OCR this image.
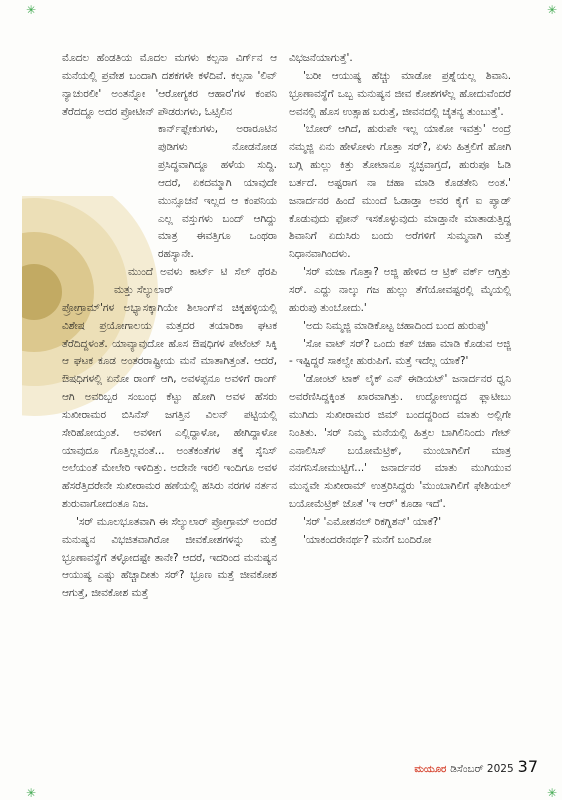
✳	✳
✳	✳

ಮೊದಲ ಹೆಂಡತಿಯ ಮೊದಲ ಮಗಳು ಕಲ್ಪನಾ ವಿರ್ಗ್‌ನ ಆ ಮನೆಯಲ್ಲಿ ಪ್ರವೇಶ ಬಂದಾಗಿ ದಶಕಗಳೇ ಕಳೆದಿವೆ. ಕಲ್ಪನಾ 'ಲಿವ್ ನ್ಯಾಚುರಲೀ' ಅಂತನ್ನೋ 'ಆರೋಗ್ಯಕರ ಆಹಾರ'ಗಳ ಕಂಪನಿ ತೆರೆದದ್ದೂ ಅದರ ಪ್ರೋಟೀನ್ ಪೌಡರುಗಳು, ಓಟ್ಸಿಲಿನ

ಕಾರ್ನ್‌ಫ್ಲೇಕುಗಳು, ಅರಾರೂಟಿನ ಪುಡಿಗಳು ನೋಡನೋಡ ಪ್ರಸಿದ್ಧವಾಗಿದ್ದೂ ಹಳೆಯ ಸುದ್ದಿ. ಆದರೆ, ಏಕದಮ್ಮಾಗಿ ಯಾವುದೇ ಮುನ್ಸೂಚನೆ ಇಲ್ಲದ ಆ ಕಂಪನಿಯ ಎಲ್ಲ ವಸ್ತುಗಳು ಬಂದ್ ಆಗಿದ್ದು ಮಾತ್ರ ಈವತ್ತಿಗೂ ಒಂಥರಾ ರಹಸ್ಯಾನೇ.

ಮುಂದೆ ಅವಳು ಕಾರ್ಟ್ ಟಿ ಸೆಲ್ ಥೆರಪಿ ಮತ್ತು ಸೆಲ್ಯುಲಾರ್

ಪ್ರೋಗ್ರಾಮ್'ಗಳ ಅಭ್ಯಾಸಕ್ಕಾಗಿಯೇ ಶಿಲಾಂಗ್‌ನ ಚಿಕ್ಕಹಳ್ಳಿಯಲ್ಲಿ ವಿಶೇಷ ಪ್ರಯೋಗಾಲಯ ಮತ್ತದರ ತಯಾರಿಕಾ ಘಟಕ ತೆರೆದಿದ್ದಳಂತೆ. ಯಾವ್ಯಾವುದೋ ಹೊಸ ಔಷಧಿಗಳ ಪೇಟೆಂಟ್ ಸಿಕ್ಕಿ ಆ ಘಟಕ ಕೂಡ ಅಂತರರಾಷ್ಟ್ರೀಯ ಮನೆ ಮಾತಾಗಿತ್ತಂತೆ. ಆದರೆ, ಔಷಧಿಗಳಲ್ಲಿ ಏನೋ ರಾಂಗ್ ಆಗಿ, ಅವಳಪ್ಪನೂ ಅವಳಿಗೆ ರಾಂಗ್ ಆಗಿ ಅವರಿಬ್ಬರ ಸಂಬಂಧ ಕೆಟ್ಟು ಹೋಗಿ ಅವಳ ಹೆಸರು ಸುಖೀರಾಮರ ಬಿಸಿನೆಸ್ ಜಗತ್ತಿನ ವಿಲನ್ ಪಟ್ಟಿಯಲ್ಲಿ ಸೇರಿಹೋಯ್ತಂತೆ. ಅವಳೀಗ ಎಲ್ಲಿದ್ದಾಳೋ, ಹೇಗಿದ್ದಾಳೋ ಯಾವುದೂ ಗೊತ್ತಿಲ್ಲವಂತೆ... ಅಂತೆಕಂತೆಗಳ ತಕ್ಕೆ ಸ್ಕೆನಿಸ್ ಅಲೆಯಂತೆ ಮೇಲೇರಿ ಇಳಿದಿತ್ತು. ಅದೇನೇ ಇರಲಿ ಇಂದಿಗೂ ಅವಳ ಹೆಸರೆತ್ತಿದರೇನೇ ಸುಖೀರಾಮರ ಹಣೆಯಲ್ಲಿ ಹಸಿರು ನರಗಳ ನರ್ತನ ಶುರುವಾಗೋದಂತೂ ನಿಜ.

'ಸರ್ ಮೂಲಭೂತವಾಗಿ ಈ ಸೆಲ್ಯುಲಾರ್ ಪ್ರೋಗ್ರಾಮ್ ಅಂದರೆ ಮನುಷ್ಯನ ವಿಭಜಿತವಾಗಿರೋ ಜೀವಕೋಶಗಳನ್ನು ಮತ್ತೆ ಭ್ರೂಣಾವಸ್ಥೆಗೆ ತಳ್ಳೋದಷ್ಟೇ ತಾನೇ? ಆದರೆ, ಇದರಿಂದ ಮನುಷ್ಯನ ಆಯುಷ್ಯ ಎಷ್ಟು ಹೆಚ್ಚಾದೀತು ಸರ್? ಭ್ರೂಣ ಮತ್ತೆ ಜೀವಕೋಶ ಆಗುತ್ತೆ, ಜೀವಕೋಶ ಮತ್ತೆ

ವಿಭಜನೆಯಾಗುತ್ತೆ'.

'ಬರೀ ಆಯುಷ್ಯ ಹೆಚ್ಚು ಮಾಡೋ ಪ್ರಶ್ನೆಯಲ್ಲ ಶಿವಾನಿ. ಭ್ರೂಣಾವಸ್ಥೆಗೆ ಒಬ್ಬ ಮನುಷ್ಯನ ಜೀವ ಕೋಶಗಳೆಲ್ಲ ಹೋದುವೆಂದರೆ ಅವನಲ್ಲಿ ಹೊಸ ಉತ್ಸಾಹ ಬರುತ್ತೆ, ಜೀವನದಲ್ಲಿ ಚೈತನ್ಯ ತುಂಬುತ್ತೆ'.

'ಬೋರ್ ಆಗಿದೆ, ಹುರುಪೇ ಇಲ್ಲ ಯಾಕೋ ಇವತ್ತು' ಅಂದ್ರೆ ನಮ್ಮಜ್ಜಿ ಏನು ಹೇಳೋಳು ಗೊತ್ತಾ ಸರ್?, ಏಳು ಹಿತ್ತಲಿಗೆ ಹೋಗಿ ಬಗ್ಗಿ ಹುಲ್ಲು ಕಿತ್ತು ತೋಟಾನೂ ಸ್ವಚ್ಛವಾಗ್ತದೆ, ಹುರುಪೂ ಓಡಿ ಬರ್ತದೆ. ಅಷ್ಟರಾಗ ನಾ ಚಹಾ ಮಾಡಿ ಕೊಡತೇನಿ ಅಂತ.' ಜನಾರ್ದನರ ಹಿಂದೆ ಮುಂದೆ ಓಡಾಡ್ತಾ ಅವರ ಕೈಗೆ ಐ ಪ್ಯಾಡ್ ಕೊಡುವುದು ಫೋನ್ ಇಸಕೊಳ್ಳುವುದು ಮಾಡ್ತಾನೇ ಮಾತಾಡುತ್ತಿದ್ದ ಶಿವಾನಿಗೆ ಏದುಸಿರು ಬಂದು ಅರೆಗಳಿಗೆ ಸುಮ್ಮನಾಗಿ ಮತ್ತೆ ನಿಧಾನವಾಗಿಂದಳು.

'ಸರ್ ಮಜಾ ಗೊತ್ತಾ? ಅಜ್ಜಿ ಹೇಳಿದ ಆ ಟ್ರಿಕ್ ವರ್ಕ್ ಆಗ್ತಿತ್ತು ಸರ್. ಎದ್ದು ನಾಲ್ಕು ಗಜ ಹುಲ್ಲು ತೆಗೆಯೋವಷ್ಟರಲ್ಲಿ ಮೈಯಲ್ಲಿ ಹುರುಪು ತುಂಬೋದು.'

'ಅದು ನಿಮ್ಮಜ್ಜಿ ಮಾಡಿಕೊಟ್ಟ ಚಹಾದಿಂದ ಬಂದ ಹುರುಪು'

'ಸೋ ವಾಟ್ ಸರ್? ಒಂದು ಕಪ್ ಚಹಾ ಮಾಡಿ ಕೊಡುವ ಅಜ್ಜಿ - ಇಷ್ಟಿದ್ದರೆ ಸಾಕಲ್ವೇ ಹುರುಪಿಗೆ. ಮತ್ತೆ ಇದೆಲ್ಲ ಯಾಕೆ?'

'ಡೋಂಟ್ ಟಾಕ್ ಲೈಕ್ ಎನ್ ಈಡಿಯಟ್' ಜನಾರ್ದನರ ಧ್ವನಿ ಅವರೆಣಿಸಿದ್ದಕ್ಕಿಂತ ಖಾರವಾಗಿತ್ತು. ಉದ್ದೋಉದ್ದದ ಫ್ಲಾಟೀಬು ಮುಗಿದು ಸುಖೀರಾಮರ ಜಿಮ್ ಬಂದದ್ದರಿಂದ ಮಾತು ಅಲ್ಲಿಗೇ ನಿಂತಿತು. 'ಸರ್ ನಿಮ್ಮ ಮನೆಯಲ್ಲಿ ಹಿತ್ತಲ ಬಾಗಿಲಿನಿಂದು ಗೇಟ್ ಎನಾಲಿಸಿಸ್ ಬಯೋಮೆಟ್ರಿಕ್, ಮುಂಬಾಗಿಲಿಗೆ ಮಾತ್ರ ನನಗನಿಸೋಮುಟ್ಟಿಗೆ...' ಜನಾರ್ದನರ ಮಾತು ಮುಗಿಯುವ ಮುನ್ನವೇ ಸುಖೀರಾಮ್ ಉತ್ತರಿಸಿದ್ದರು 'ಮುಂಬಾಗಿಲಿಗೆ ಫೇಶಿಯಲ್ ಬಯೋಮೆಟ್ರಿಕ್ ಜೊತೆ 'ಇ ಆರ್' ಕೂಡಾ ಇದೆ'.

'ಸರ್ 'ಎಮೋಶನಲ್ ರಿಕಗ್ನಿಶನ್' ಯಾಕೆ?'

'ಯಾಕಂದರೇನರ್ಥ? ಮನೆಗೆ ಬಂದಿರೋ

ಮಯೂರ ಡಿಸೆಂಬರ್ 2025 37
